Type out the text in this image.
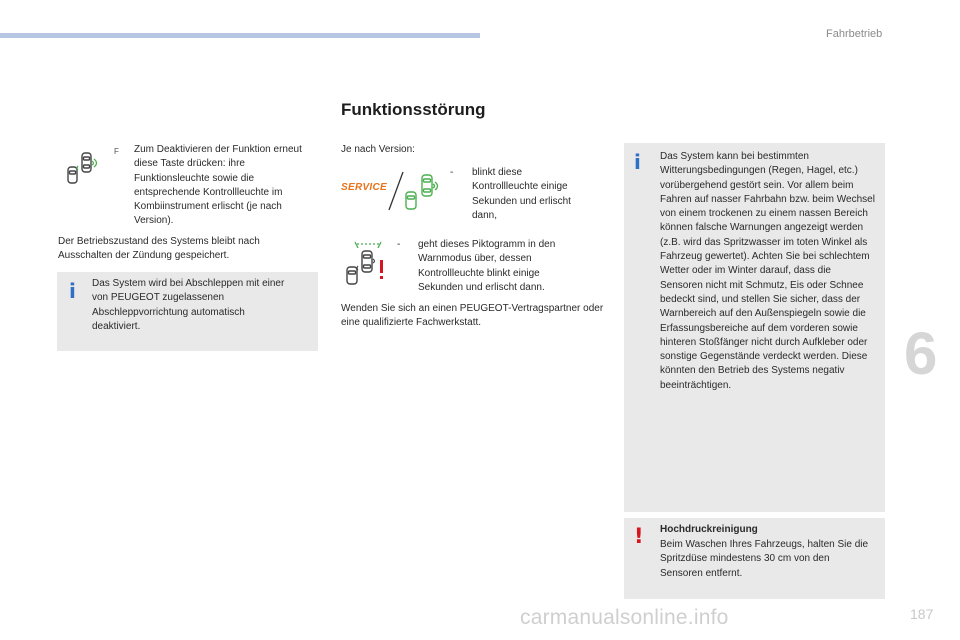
Fahrbetrieb
6
187
carmanualsonline.info
Funktionsstörung
F Zum Deaktivieren der Funktion erneut diese Taste drücken: ihre Funktionsleuchte sowie die entsprechende Kontrollleuchte im Kombiinstrument erlischt (je nach Version).
Der Betriebszustand des Systems bleibt nach Ausschalten der Zündung gespeichert.
i Das System wird bei Abschleppen mit einer von PEUGEOT zugelassenen Abschleppvorrichtung automatisch deaktiviert.
Je nach Version:
SERVICE
- blinkt diese Kontrollleuchte einige Sekunden und erlischt dann,
- geht dieses Piktogramm in den Warnmodus über, dessen Kontrollleuchte blinkt einige Sekunden und erlischt dann.
Wenden Sie sich an einen PEUGEOT-Vertragspartner oder eine qualifizierte Fachwerkstatt.
i Das System kann bei bestimmten Witterungsbedingungen (Regen, Hagel, etc.) vorübergehend gestört sein. Vor allem beim Fahren auf nasser Fahrbahn bzw. beim Wechsel von einem trockenen zu einem nassen Bereich können falsche Warnungen angezeigt werden (z.B. wird das Spritzwasser im toten Winkel als Fahrzeug gewertet). Achten Sie bei schlechtem Wetter oder im Winter darauf, dass die Sensoren nicht mit Schmutz, Eis oder Schnee bedeckt sind, und stellen Sie sicher, dass der Warnbereich auf den Außenspiegeln sowie die Erfassungsbereiche auf dem vorderen sowie hinteren Stoßfänger nicht durch Aufkleber oder sonstige Gegenstände verdeckt werden. Diese könnten den Betrieb des Systems negativ beeinträchtigen.
! Hochdruckreinigung
Beim Waschen Ihres Fahrzeugs, halten Sie die Spritzdüse mindestens 30 cm von den Sensoren entfernt.
